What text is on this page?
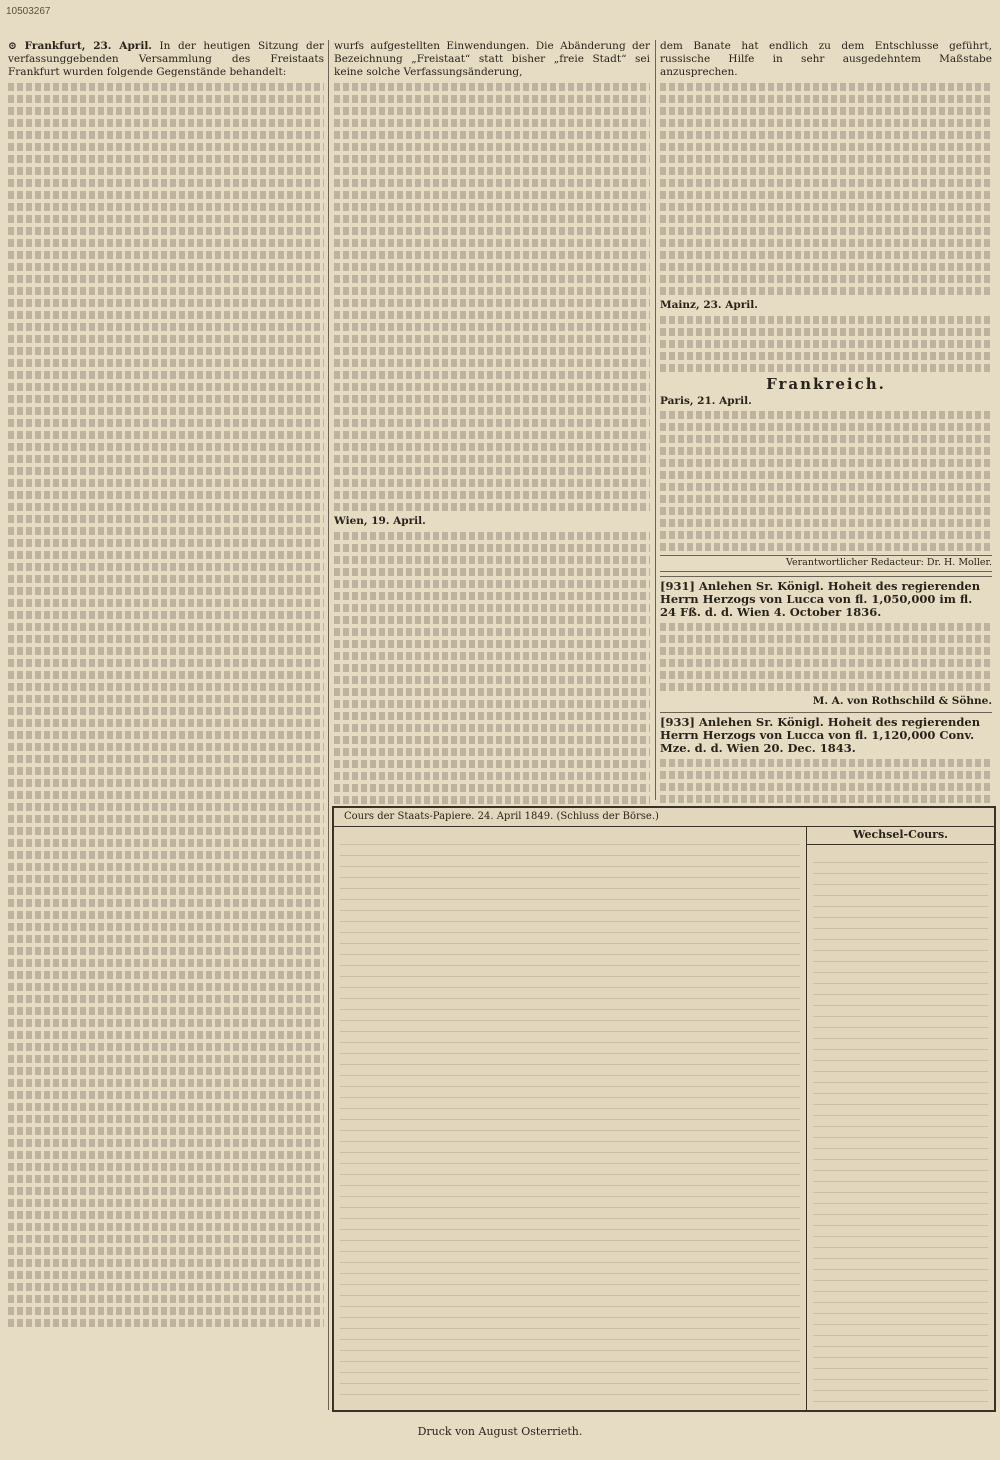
10503267

⊙ Frankfurt, 23. April. In der heutigen Sitzung der verfassunggebenden Versammlung des Freistaats Frankfurt wurden folgende Gegenstände behandelt:

wurfs aufgestellten Einwendungen. Die Abänderung der Bezeichnung „Freistaat“ statt bisher „freie Stadt“ sei keine solche Verfassungsänderung,

Wien, 19. April.

dem Banate hat endlich zu dem Entschlusse geführt, russische Hilfe in sehr ausgedehntem Maßstabe anzusprechen.

Mainz, 23. April.

Frankreich.

Paris, 21. April.

Verantwortlicher Redacteur: Dr. H. Moller.
[931] Anlehen Sr. Königl. Hoheit des regierenden Herrn Herzogs von Lucca von fl. 1,050,000 im fl. 24 Fß. d. d. Wien 4. October 1836.
M. A. von Rothschild & Söhne.
[933] Anlehen Sr. Königl. Hoheit des regierenden Herrn Herzogs von Lucca von fl. 1,120,000 Conv. Mze. d. d. Wien 20. Dec. 1843.
Cours der Staats-Papiere. 24. April 1849. (Schluss der Börse.)
Wechsel-Cours.
Druck von August Osterrieth.
